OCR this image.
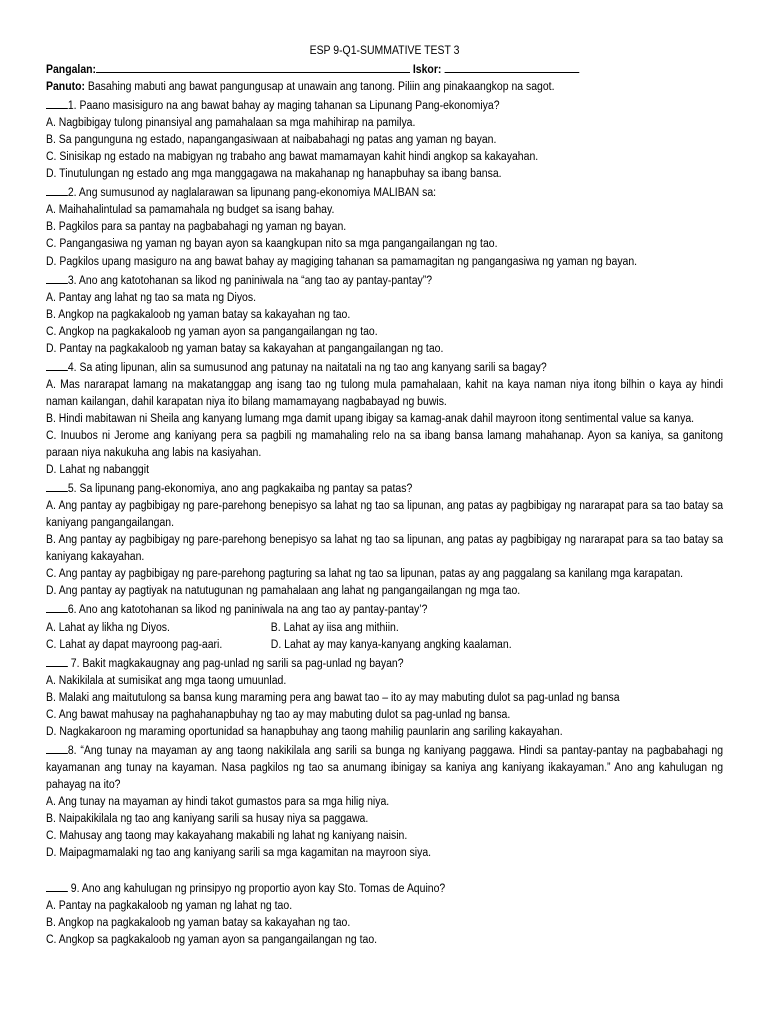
ESP 9-Q1-SUMMATIVE TEST 3
Pangalan:	Iskor:
Panuto: Basahing mabuti ang bawat pangungusap at unawain ang tanong. Piliin ang pinakaangkop na sagot.
1. Paano masisiguro na ang bawat bahay ay maging tahanan sa Lipunang Pang-ekonomiya?
A. Nagbibigay tulong pinansiyal ang pamahalaan sa mga mahihirap na pamilya.
B. Sa pangunguna ng estado, napangangasiwaan at naibabahagi ng patas ang yaman ng bayan.
C. Sinisikap ng estado na mabigyan ng trabaho ang bawat mamamayan kahit hindi angkop sa kakayahan.
D. Tinutulungan ng estado ang mga manggagawa na makahanap ng hanapbuhay sa ibang bansa.
2. Ang sumusunod ay naglalarawan sa lipunang pang-ekonomiya MALIBAN sa:
A. Maihahalintulad sa pamamahala ng budget sa isang bahay.
B. Pagkilos para sa pantay na pagbabahagi ng yaman ng bayan.
C. Pangangasiwa ng yaman ng bayan ayon sa kaangkupan nito sa mga pangangailangan ng tao.
D. Pagkilos upang masiguro na ang bawat bahay ay magiging tahanan sa pamamagitan ng pangangasiwa ng yaman ng bayan.
3. Ano ang katotohanan sa likod ng paniniwala na “ang tao ay pantay-pantay”?
A. Pantay ang lahat ng tao sa mata ng Diyos.
B. Angkop na pagkakaloob ng yaman batay sa kakayahan ng tao.
C. Angkop na pagkakaloob ng yaman ayon sa pangangailangan ng tao.
D. Pantay na pagkakaloob ng yaman batay sa kakayahan at pangangailangan ng tao.
4. Sa ating lipunan, alin sa sumusunod ang patunay na naitatali na ng tao ang kanyang sarili sa bagay?
A. Mas nararapat lamang na makatanggap ang isang tao ng tulong mula pamahalaan, kahit na kaya naman niya itong bilhin o kaya ay hindi naman kailangan, dahil karapatan niya ito bilang mamamayang nagbabayad ng buwis.
B. Hindi mabitawan ni Sheila ang kanyang lumang mga damit upang ibigay sa kamag-anak dahil mayroon itong sentimental value sa kanya.
C. Inuubos ni Jerome ang kaniyang pera sa pagbili ng mamahaling relo na sa ibang bansa lamang mahahanap. Ayon sa kaniya, sa ganitong paraan niya nakukuha ang labis na kasiyahan.
D. Lahat ng nabanggit
5. Sa lipunang pang-ekonomiya, ano ang pagkakaiba ng pantay sa patas?
A. Ang pantay ay pagbibigay ng pare-parehong benepisyo sa lahat ng tao sa lipunan, ang patas ay pagbibigay ng nararapat para sa tao batay sa kaniyang pangangailangan.
B. Ang pantay ay pagbibigay ng pare-parehong benepisyo sa lahat ng tao sa lipunan, ang patas ay pagbibigay ng nararapat para sa tao batay sa kaniyang kakayahan.
C. Ang pantay ay pagbibigay ng pare-parehong pagturing sa lahat ng tao sa lipunan, patas ay ang paggalang sa kanilang mga karapatan.
D. Ang pantay ay pagtiyak na natutugunan ng pamahalaan ang lahat ng pangangailangan ng mga tao.
6. Ano ang katotohanan sa likod ng paniniwala na ang tao ay pantay-pantay’?
A. Lahat ay likha ng Diyos.	B. Lahat ay iisa ang mithiin.
C. Lahat ay dapat mayroong pag-aari.	D. Lahat ay may kanya-kanyang angking kaalaman.
7. Bakit magkakaugnay ang pag-unlad ng sarili sa pag-unlad ng bayan?
A. Nakikilala at sumisikat ang mga taong umuunlad.
B. Malaki ang maitutulong sa bansa kung maraming pera ang bawat tao – ito ay may mabuting dulot sa pag-unlad ng bansa
C. Ang bawat mahusay na paghahanapbuhay ng tao ay may mabuting dulot sa pag-unlad ng bansa.
D. Nagkakaroon ng maraming oportunidad sa hanapbuhay ang taong mahilig paunlarin ang sariling kakayahan.
8. “Ang tunay na mayaman ay ang taong nakikilala ang sarili sa bunga ng kaniyang paggawa. Hindi sa pantay-pantay na pagbabahagi ng kayamanan ang tunay na kayaman. Nasa pagkilos ng tao sa anumang ibinigay sa kaniya ang kaniyang ikakayaman.” Ano ang kahulugan ng pahayag na ito?
A. Ang tunay na mayaman ay hindi takot gumastos para sa mga hilig niya.
B. Naipakikilala ng tao ang kaniyang sarili sa husay niya sa paggawa.
C. Mahusay ang taong may kakayahang makabili ng lahat ng kaniyang naisin.
D. Maipagmamalaki ng tao ang kaniyang sarili sa mga kagamitan na mayroon siya.
9. Ano ang kahulugan ng prinsipyo ng proportio ayon kay Sto. Tomas de Aquino?
A. Pantay na pagkakaloob ng yaman ng lahat ng tao.
B. Angkop na pagkakaloob ng yaman batay sa kakayahan ng tao.
C. Angkop sa pagkakaloob ng yaman ayon sa pangangailangan ng tao.
